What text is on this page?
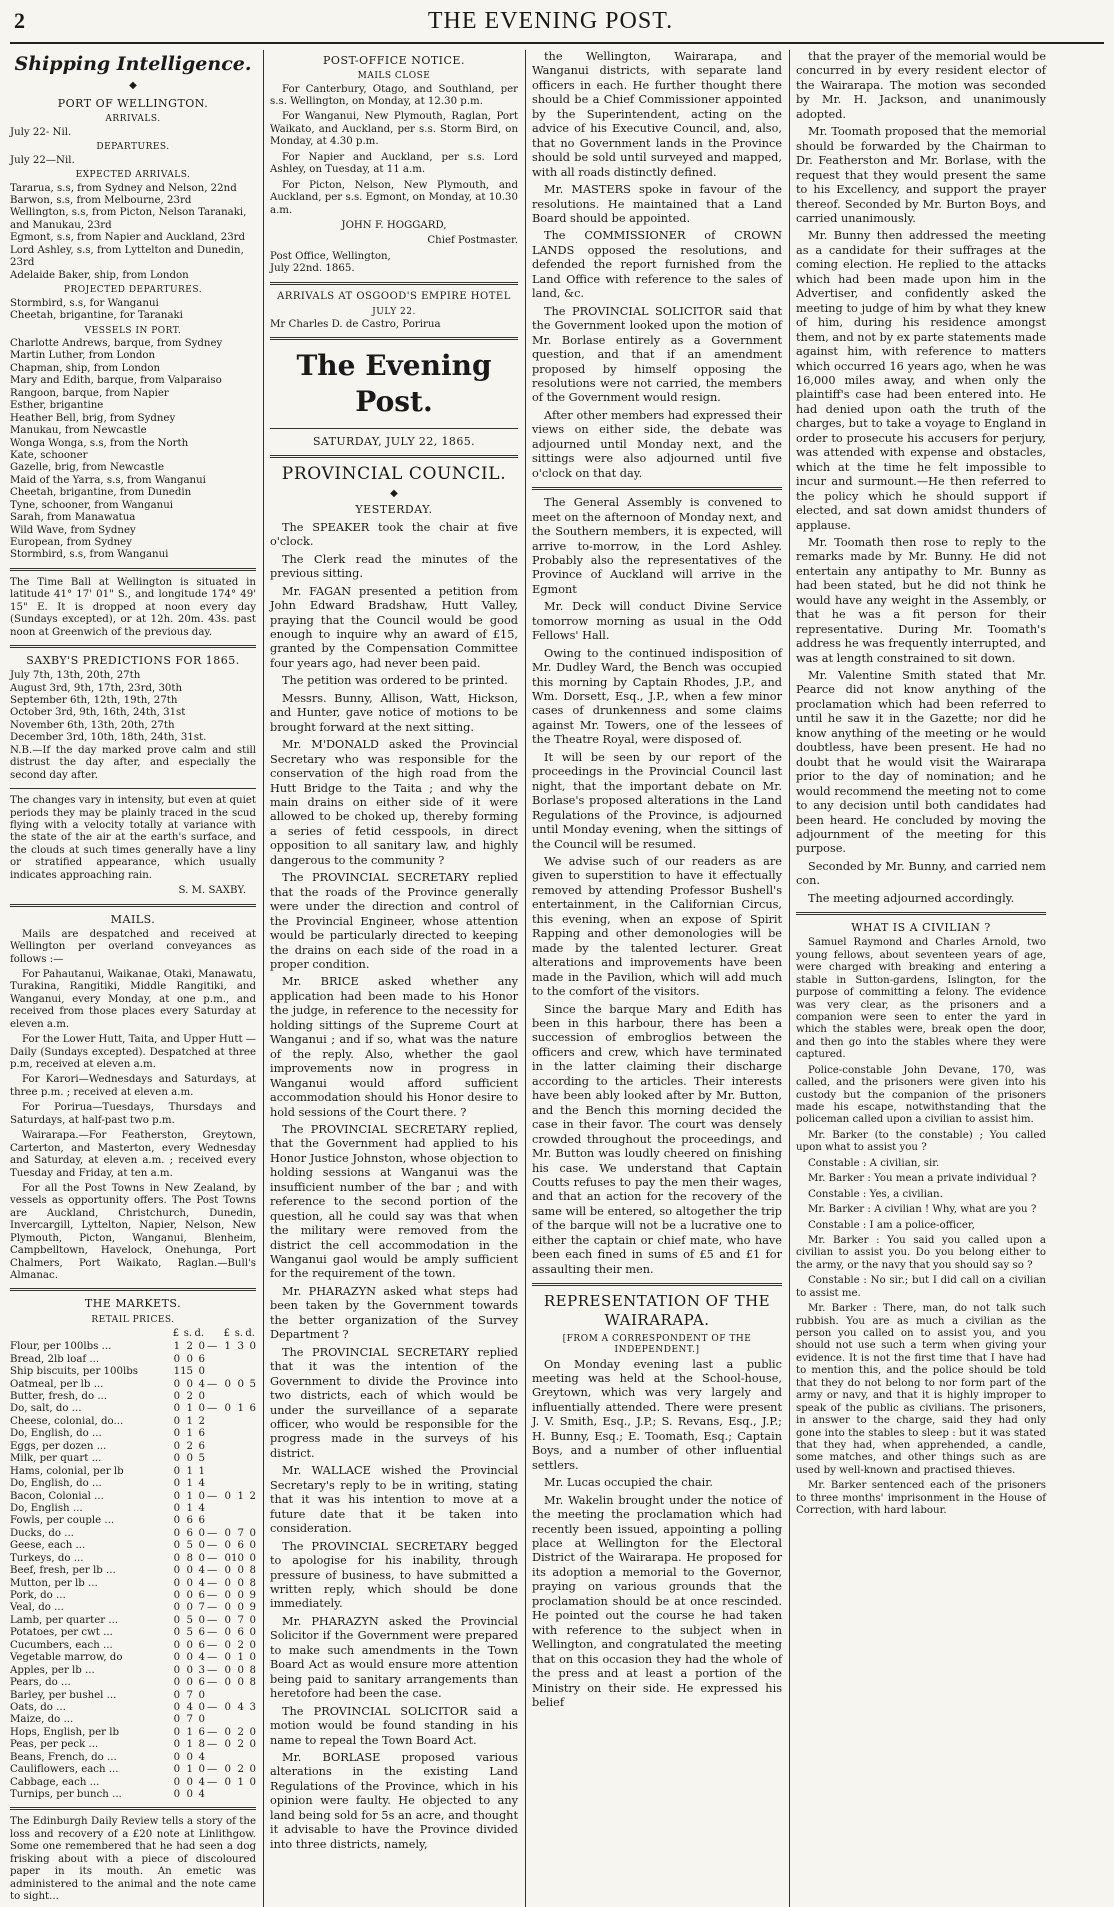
2	THE EVENING POST.
Shipping Intelligence.
◆
PORT OF WELLINGTON.
ARRIVALS.

July 22- Nil.

DEPARTURES.

July 22—Nil.

EXPECTED ARRIVALS.

Tararua, s.s, from Sydney and Nelson, 22nd

Barwon, s.s, from Melbourne, 23rd

Wellington, s.s, from Picton, Nelson Taranaki, and Manukau, 23rd

Egmont, s.s, from Napier and Auckland, 23rd

Lord Ashley, s.s, from Lyttelton and Dunedin, 23rd

Adelaide Baker, ship, from London

PROJECTED DEPARTURES.

Stormbird, s.s, for Wanganui

Cheetah, brigantine, for Taranaki

VESSELS IN PORT.

Charlotte Andrews, barque, from Sydney

Martin Luther, from London

Chapman, ship, from London

Mary and Edith, barque, from Valparaiso

Rangoon, barque, from Napier

Esther, brigantine

Heather Bell, brig, from Sydney

Manukau, from Newcastle

Wonga Wonga, s.s, from the North

Kate, schooner

Gazelle, brig, from Newcastle

Maid of the Yarra, s.s, from Wanganui

Cheetah, brigantine, from Dunedin

Tyne, schooner, from Wanganui

Sarah, from Manawatua

Wild Wave, from Sydney

European, from Sydney

Stormbird, s.s, from Wanganui

The Time Ball at Wellington is situated in latitude 41° 17' 01" S., and longitude 174° 49' 15" E. It is dropped at noon every day (Sundays excepted), or at 12h. 20m. 43s. past noon at Greenwich of the previous day.

SAXBY'S PREDICTIONS FOR 1865.

July 7th, 13th, 20th, 27th

August 3rd, 9th, 17th, 23rd, 30th

September 6th, 12th, 19th, 27th

October 3rd, 9th, 16th, 24th, 31st

November 6th, 13th, 20th, 27th

December 3rd, 10th, 18th, 24th, 31st.

N.B.—If the day marked prove calm and still distrust the day after, and especially the second day after.

The changes vary in intensity, but even at quiet periods they may be plainly traced in the scud flying with a velocity totally at variance with the state of the air at the earth's surface, and the clouds at such times generally have a liny or stratified appearance, which usually indicates approaching rain.

S. M. SAXBY.

MAILS.

Mails are despatched and received at Wellington per overland conveyances as follows :—

For Pahautanui, Waikanae, Otaki, Manawatu, Turakina, Rangitiki, Middle Rangitiki, and Wanganui, every Monday, at one p.m., and received from those places every Saturday at eleven a.m.

For the Lower Hutt, Taita, and Upper Hutt —Daily (Sundays excepted). Despatched at three p.m, received at eleven a.m.

For Karori—Wednesdays and Saturdays, at three p.m. ; received at eleven a.m.

For Porirua—Tuesdays, Thursdays and Saturdays, at half-past two p.m.

Wairarapa.—For Featherston, Greytown, Carterton, and Masterton, every Wednesday and Saturday, at eleven a.m. ; received every Tuesday and Friday, at ten a.m.

For all the Post Towns in New Zealand, by vessels as opportunity offers. The Post Towns are Auckland, Christchurch, Dunedin, Invercargill, Lyttelton, Napier, Nelson, New Plymouth, Picton, Wanganui, Blenheim, Campbelltown, Havelock, Onehunga, Port Chalmers, Port Waikato, Raglan.—Bull's Almanac.

THE MARKETS.
RETAIL PRICES.
	£	s.	d.		£	s.	d.
Flour, per 100lbs ...	1	2	0	—	1	3	0
Bread, 2lb loaf ...	0	0	6				
Ship biscuits, per 100lbs	1	15	0				
Oatmeal, per lb ...	0	0	4	—	0	0	5
Butter, fresh, do ...	0	2	0				
Do, salt, do ...	0	1	0	—	0	1	6
Cheese, colonial, do...	0	1	2				
Do, English, do ...	0	1	6				
Eggs, per dozen ...	0	2	6				
Milk, per quart ...	0	0	5				
Hams, colonial, per lb	0	1	1				
Do, English, do ...	0	1	4				
Bacon, Colonial ...	0	1	0	—	0	1	2
Do, English ...	0	1	4				
Fowls, per couple ...	0	6	6				
Ducks, do ...	0	6	0	—	0	7	0
Geese, each ...	0	5	0	—	0	6	0
Turkeys, do ...	0	8	0	—	0	10	0
Beef, fresh, per lb ...	0	0	4	—	0	0	8
Mutton, per lb ...	0	0	4	—	0	0	8
Pork, do ...	0	0	6	—	0	0	9
Veal, do ...	0	0	7	—	0	0	9
Lamb, per quarter ...	0	5	0	—	0	7	0
Potatoes, per cwt ...	0	5	6	—	0	6	0
Cucumbers, each ...	0	0	6	—	0	2	0
Vegetable marrow, do	0	0	4	—	0	1	0
Apples, per lb ...	0	0	3	—	0	0	8
Pears, do ...	0	0	6	—	0	0	8
Barley, per bushel ...	0	7	0				
Oats, do ...	0	4	0	—	0	4	3
Maize, do ...	0	7	0				
Hops, English, per lb	0	1	6	—	0	2	0
Peas, per peck ...	0	1	8	—	0	2	0
Beans, French, do ...	0	0	4				
Cauliflowers, each ...	0	1	0	—	0	2	0
Cabbage, each ...	0	0	4	—	0	1	0
Turnips, per bunch ...	0	0	4				

The Edinburgh Daily Review tells a story of the loss and recovery of a £20 note at Linlithgow. Some one remembered that he had seen a dog frisking about with a piece of discoloured paper in its mouth. An emetic was administered to the animal and the note came to sight...

POST-OFFICE NOTICE.
MAILS CLOSE

For Canterbury, Otago, and Southland, per s.s. Wellington, on Monday, at 12.30 p.m.

For Wanganui, New Plymouth, Raglan, Port Waikato, and Auckland, per s.s. Storm Bird, on Monday, at 4.30 p.m.

For Napier and Auckland, per s.s. Lord Ashley, on Tuesday, at 11 a.m.

For Picton, Nelson, New Plymouth, and Auckland, per s.s. Egmont, on Monday, at 10.30 a.m.

JOHN F. HOGGARD,

Chief Postmaster.

Post Office, Wellington,
July 22nd. 1865.

ARRIVALS AT OSGOOD'S EMPIRE HOTEL
JULY 22.

Mr Charles D. de Castro, Porirua

The Evening Post.
SATURDAY, JULY 22, 1865.
PROVINCIAL COUNCIL.
◆
YESTERDAY.

The SPEAKER took the chair at five o'clock.

The Clerk read the minutes of the previous sitting.

Mr. FAGAN presented a petition from John Edward Bradshaw, Hutt Valley, praying that the Council would be good enough to inquire why an award of £15, granted by the Compensation Committee four years ago, had never been paid.

The petition was ordered to be printed.

Messrs. Bunny, Allison, Watt, Hickson, and Hunter, gave notice of motions to be brought forward at the next sitting.

Mr. M'DONALD asked the Provincial Secretary who was responsible for the conservation of the high road from the Hutt Bridge to the Taita ; and why the main drains on either side of it were allowed to be choked up, thereby forming a series of fetid cesspools, in direct opposition to all sanitary law, and highly dangerous to the community ?

The PROVINCIAL SECRETARY replied that the roads of the Province generally were under the direction and control of the Provincial Engineer, whose attention would be particularly directed to keeping the drains on each side of the road in a proper condition.

Mr. BRICE asked whether any application had been made to his Honor the judge, in reference to the necessity for holding sittings of the Supreme Court at Wanganui ; and if so, what was the nature of the reply. Also, whether the gaol improvements now in progress in Wanganui would afford sufficient accommodation should his Honor desire to hold sessions of the Court there. ?

The PROVINCIAL SECRETARY replied, that the Government had applied to his Honor Justice Johnston, whose objection to holding sessions at Wanganui was the insufficient number of the bar ; and with reference to the second portion of the question, all he could say was that when the military were removed from the district the cell accommodation in the Wanganui gaol would be amply sufficient for the requirement of the town.

Mr. PHARAZYN asked what steps had been taken by the Government towards the better organization of the Survey Department ?

The PROVINCIAL SECRETARY replied that it was the intention of the Government to divide the Province into two districts, each of which would be under the surveillance of a separate officer, who would be responsible for the progress made in the surveys of his district.

Mr. WALLACE wished the Provincial Secretary's reply to be in writing, stating that it was his intention to move at a future date that it be taken into consideration.

The PROVINCIAL SECRETARY begged to apologise for his inability, through pressure of business, to have submitted a written reply, which should be done immediately.

Mr. PHARAZYN asked the Provincial Solicitor if the Government were prepared to make such amendments in the Town Board Act as would ensure more attention being paid to sanitary arrangements than heretofore had been the case.

The PROVINCIAL SOLICITOR said a motion would be found standing in his name to repeal the Town Board Act.

Mr. BORLASE proposed various alterations in the existing Land Regulations of the Province, which in his opinion were faulty. He objected to any land being sold for 5s an acre, and thought it advisable to have the Province divided into three districts, namely,

the Wellington, Wairarapa, and Wanganui districts, with separate land officers in each. He further thought there should be a Chief Commissioner appointed by the Superintendent, acting on the advice of his Executive Council, and, also, that no Government lands in the Province should be sold until surveyed and mapped, with all roads distinctly defined.

Mr. MASTERS spoke in favour of the resolutions. He maintained that a Land Board should be appointed.

The COMMISSIONER of CROWN LANDS opposed the resolutions, and defended the report furnished from the Land Office with reference to the sales of land, &c.

The PROVINCIAL SOLICITOR said that the Government looked upon the motion of Mr. Borlase entirely as a Government question, and that if an amendment proposed by himself opposing the resolutions were not carried, the members of the Government would resign.

After other members had expressed their views on either side, the debate was adjourned until Monday next, and the sittings were also adjourned until five o'clock on that day.

The General Assembly is convened to meet on the afternoon of Monday next, and the Southern members, it is expected, will arrive to-morrow, in the Lord Ashley. Probably also the representatives of the Province of Auckland will arrive in the Egmont

Mr. Deck will conduct Divine Service tomorrow morning as usual in the Odd Fellows' Hall.

Owing to the continued indisposition of Mr. Dudley Ward, the Bench was occupied this morning by Captain Rhodes, J.P., and Wm. Dorsett, Esq., J.P., when a few minor cases of drunkenness and some claims against Mr. Towers, one of the lessees of the Theatre Royal, were disposed of.

It will be seen by our report of the proceedings in the Provincial Council last night, that the important debate on Mr. Borlase's proposed alterations in the Land Regulations of the Province, is adjourned until Monday evening, when the sittings of the Council will be resumed.

We advise such of our readers as are given to superstition to have it effectually removed by attending Professor Bushell's entertainment, in the Californian Circus, this evening, when an expose of Spirit Rapping and other demonologies will be made by the talented lecturer. Great alterations and improvements have been made in the Pavilion, which will add much to the comfort of the visitors.

Since the barque Mary and Edith has been in this harbour, there has been a succession of embroglios between the officers and crew, which have terminated in the latter claiming their discharge according to the articles. Their interests have been ably looked after by Mr. Button, and the Bench this morning decided the case in their favor. The court was densely crowded throughout the proceedings, and Mr. Button was loudly cheered on finishing his case. We understand that Captain Coutts refuses to pay the men their wages, and that an action for the recovery of the same will be entered, so altogether the trip of the barque will not be a lucrative one to either the captain or chief mate, who have been each fined in sums of £5 and £1 for assaulting their men.

REPRESENTATION OF THE WAIRARAPA.
[FROM A CORRESPONDENT OF THE INDEPENDENT.]

On Monday evening last a public meeting was held at the School-house, Greytown, which was very largely and influentially attended. There were present J. V. Smith, Esq., J.P.; S. Revans, Esq., J.P.; H. Bunny, Esq.; E. Toomath, Esq.; Captain Boys, and a number of other influential settlers.

Mr. Lucas occupied the chair.

Mr. Wakelin brought under the notice of the meeting the proclamation which had recently been issued, appointing a polling place at Wellington for the Electoral District of the Wairarapa. He proposed for its adoption a memorial to the Governor, praying on various grounds that the proclamation should be at once rescinded. He pointed out the course he had taken with reference to the subject when in Wellington, and congratulated the meeting that on this occasion they had the whole of the press and at least a portion of the Ministry on their side. He expressed his belief

that the prayer of the memorial would be concurred in by every resident elector of the Wairarapa. The motion was seconded by Mr. H. Jackson, and unanimously adopted.

Mr. Toomath proposed that the memorial should be forwarded by the Chairman to Dr. Featherston and Mr. Borlase, with the request that they would present the same to his Excellency, and support the prayer thereof. Seconded by Mr. Burton Boys, and carried unanimously.

Mr. Bunny then addressed the meeting as a candidate for their suffrages at the coming election. He replied to the attacks which had been made upon him in the Advertiser, and confidently asked the meeting to judge of him by what they knew of him, during his residence amongst them, and not by ex parte statements made against him, with reference to matters which occurred 16 years ago, when he was 16,000 miles away, and when only the plaintiff's case had been entered into. He had denied upon oath the truth of the charges, but to take a voyage to England in order to prosecute his accusers for perjury, was attended with expense and obstacles, which at the time he felt impossible to incur and surmount.—He then referred to the policy which he should support if elected, and sat down amidst thunders of applause.

Mr. Toomath then rose to reply to the remarks made by Mr. Bunny. He did not entertain any antipathy to Mr. Bunny as had been stated, but he did not think he would have any weight in the Assembly, or that he was a fit person for their representative. During Mr. Toomath's address he was frequently interrupted, and was at length constrained to sit down.

Mr. Valentine Smith stated that Mr. Pearce did not know anything of the proclamation which had been referred to until he saw it in the Gazette; nor did he know anything of the meeting or he would doubtless, have been present. He had no doubt that he would visit the Wairarapa prior to the day of nomination; and he would recommend the meeting not to come to any decision until both candidates had been heard. He concluded by moving the adjournment of the meeting for this purpose.

Seconded by Mr. Bunny, and carried nem con.

The meeting adjourned accordingly.

WHAT IS A CIVILIAN ?

Samuel Raymond and Charles Arnold, two young fellows, about seventeen years of age, were charged with breaking and entering a stable in Sutton-gardens, Islington, for the purpose of committing a felony. The evidence was very clear, as the prisoners and a companion were seen to enter the yard in which the stables were, break open the door, and then go into the stables where they were captured.

Police-constable John Devane, 170, was called, and the prisoners were given into his custody but the companion of the prisoners made his escape, notwithstanding that the policeman called upon a civilian to assist him.

Mr. Barker (to the constable) ; You called upon what to assist you ?

Constable : A civilian, sir.

Mr. Barker : You mean a private individual ?

Constable : Yes, a civilian.

Mr. Barker : A civilian ! Why, what are you ?

Constable : I am a police-officer,

Mr. Barker : You said you called upon a civilian to assist you. Do you belong either to the army, or the navy that you should say so ?

Constable : No sir.; but I did call on a civilian to assist me.

Mr. Barker : There, man, do not talk such rubbish. You are as much a civilian as the person you called on to assist you, and you should not use such a term when giving your evidence. It is not the first time that I have had to mention this, and the police should be told that they do not belong to nor form part of the army or navy, and that it is highly improper to speak of the public as civilians. The prisoners, in answer to the charge, said they had only gone into the stables to sleep : but it was stated that they had, when apprehended, a candle, some matches, and other things such as are used by well-known and practised thieves.

Mr. Barker sentenced each of the prisoners to three months' imprisonment in the House of Correction, with hard labour.
